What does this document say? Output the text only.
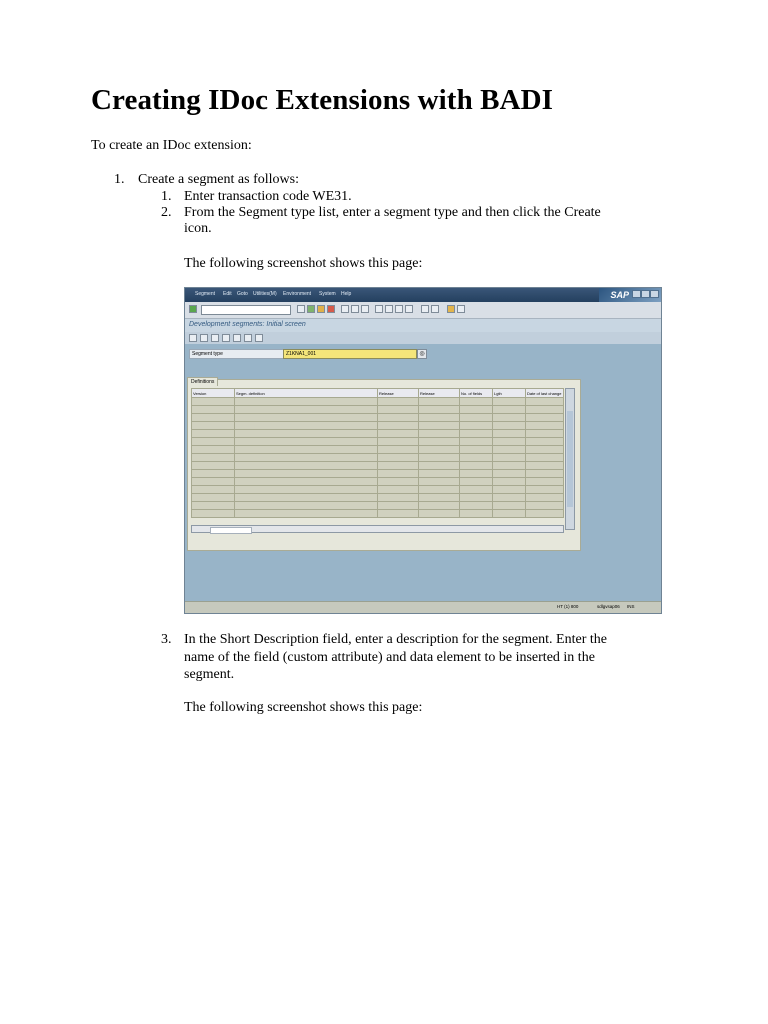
Creating IDoc Extensions with BADI
To create an IDoc extension:
1. Create a segment as follows:
1. Enter transaction code WE31.
2. From the Segment type list, enter a segment type and then click the Create
icon.
The following screenshot shows this page:
Segment Edit Goto Utilities(M) Environment System Help	SAP
Development segments: Initial screen
Segment type	Z1KNA1_001	◎
Definitions
Version	Segm. definition	Release	Release	No. of fields	Lgth	Date of last change

HT (1) 800	sdlgvsap06 INS
3. In the Short Description field, enter a description for the segment. Enter the
name of the field (custom attribute) and data element to be inserted in the
segment.
The following screenshot shows this page:
